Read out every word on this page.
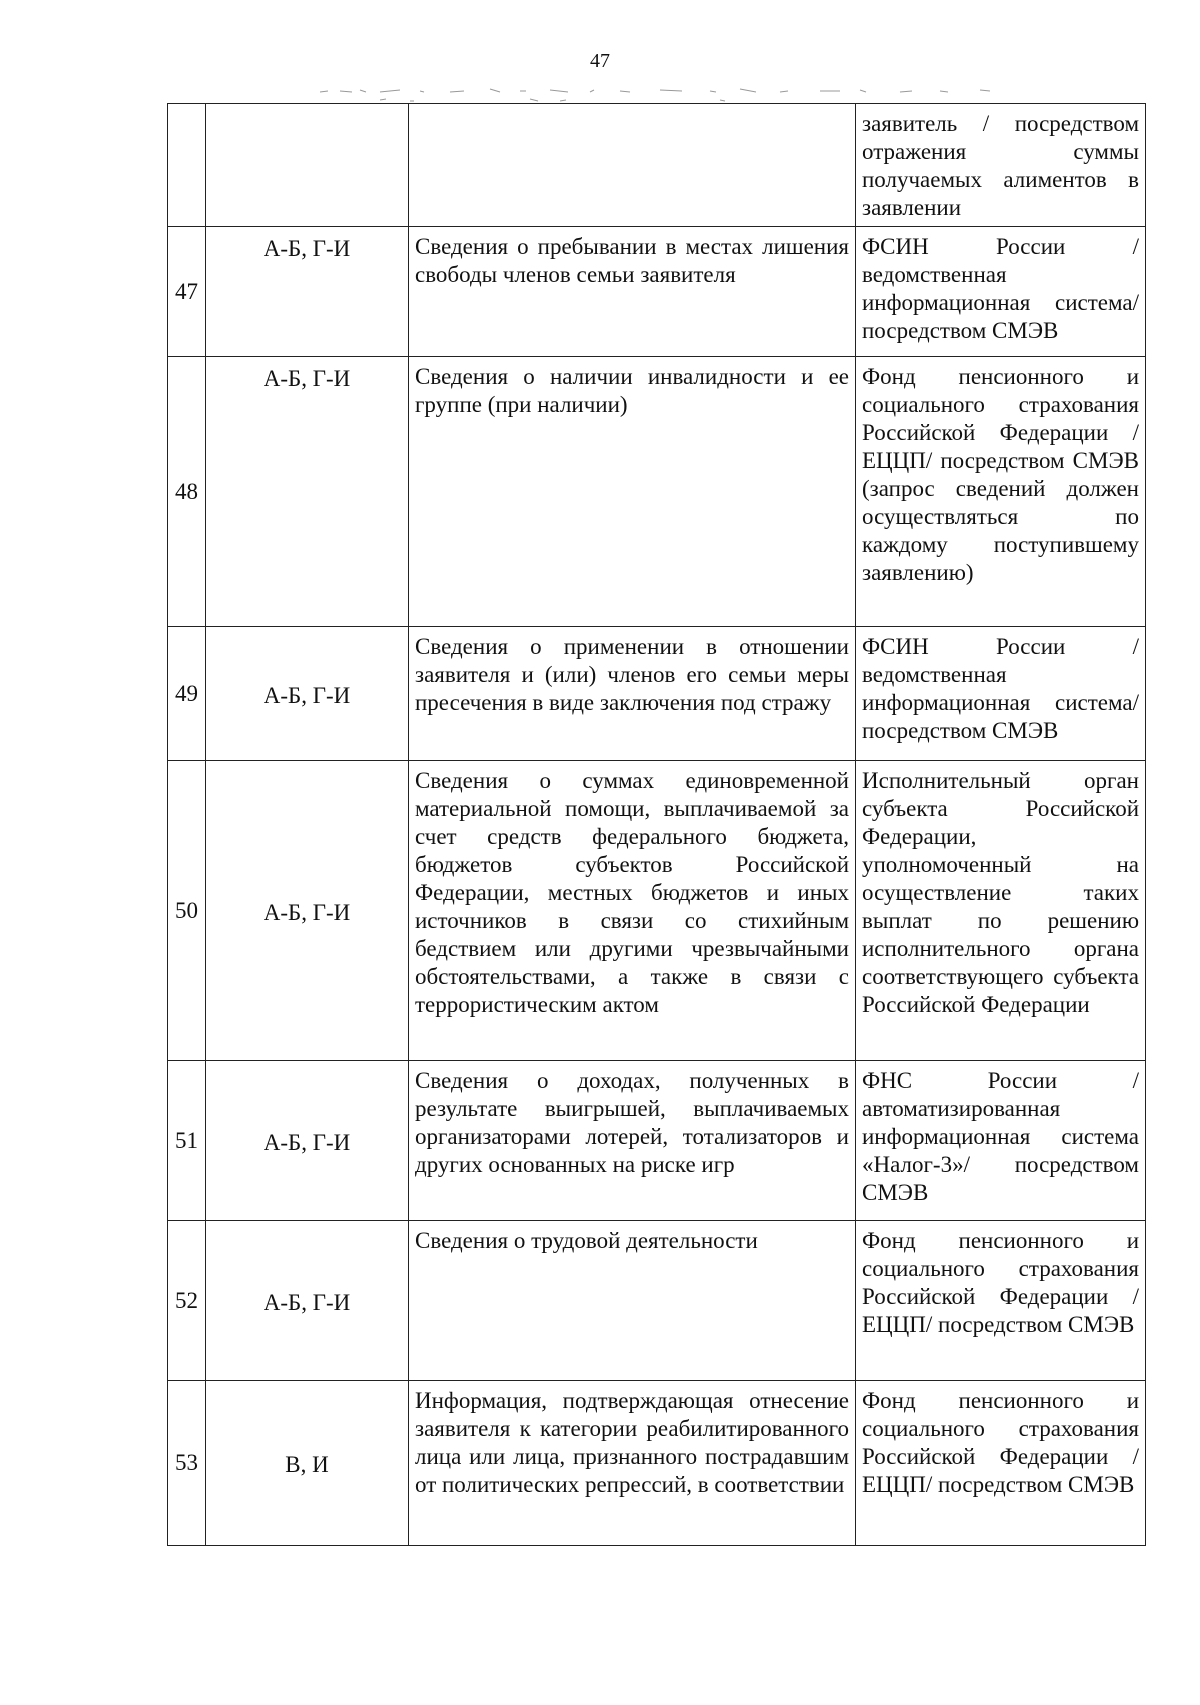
47
			заявитель / посредством отражения суммы получаемых алиментов в заявлении
47	А-Б, Г-И	Сведения о пребывании в местах лишения свободы членов семьи заявителя	ФСИН России / ведомственная информационная система/ посредством СМЭВ
48	А-Б, Г-И	Сведения о наличии инвалидности и ее группе (при наличии)	Фонд пенсионного и социального страхования Российской Федерации /ЕЦЦП/ посредством СМЭВ (запрос сведений должен осуществляться по каждому поступившему заявлению)
49	А-Б, Г-И	Сведения о применении в отношении заявителя и (или) членов его семьи меры пресечения в виде заключения под стражу	ФСИН России / ведомственная информационная система/ посредством СМЭВ
50	А-Б, Г-И	Сведения о суммах единовременной материальной помощи, выплачиваемой за счет средств федерального бюджета, бюджетов субъектов Российской Федерации, местных бюджетов и иных источников в связи со стихийным бедствием или другими чрезвычайными обстоятельствами, а также в связи с террористическим актом	Исполнительный орган субъекта Российской Федерации, уполномоченный на осуществление таких выплат по решению исполнительного органа соответствующего субъекта Российской Федерации
51	А-Б, Г-И	Сведения о доходах, полученных в результате выигрышей, выплачиваемых организаторами лотерей, тотализаторов и других основанных на риске игр	ФНС России / автоматизированная информационная система «Налог-3»/ посредством СМЭВ
52	А-Б, Г-И	Сведения о трудовой деятельности	Фонд пенсионного и социального страхования Российской Федерации /ЕЦЦП/ посредством СМЭВ
53	В, И	Информация, подтверждающая отнесение заявителя к категории реабилитированного лица или лица, признанного пострадавшим от политических репрессий, в соответствии	Фонд пенсионного и социального страхования Российской Федерации /ЕЦЦП/ посредством СМЭВ
